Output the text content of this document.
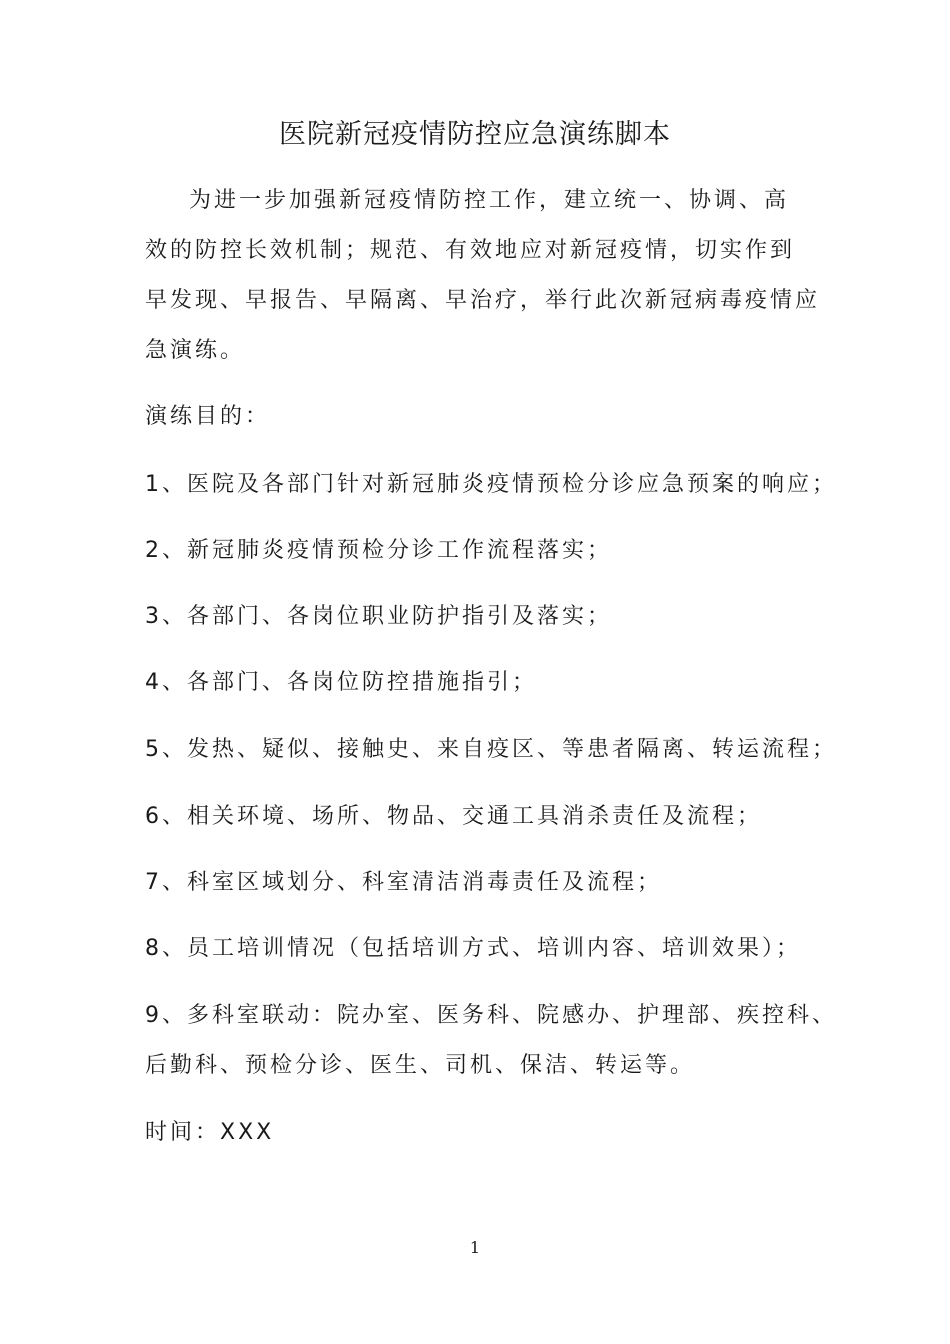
医院新冠疫情防控应急演练脚本
为进一步加强新冠疫情防控工作，建立统一、协调、高
效的防控长效机制；规范、有效地应对新冠疫情，切实作到
早发现、早报告、早隔离、早治疗，举行此次新冠病毒疫情应
急演练。

演练目的：

1、医院及各部门针对新冠肺炎疫情预检分诊应急预案的响应；

2、新冠肺炎疫情预检分诊工作流程落实；

3、各部门、各岗位职业防护指引及落实；

4、各部门、各岗位防控措施指引；

5、发热、疑似、接触史、来自疫区、等患者隔离、转运流程；

6、相关环境、场所、物品、交通工具消杀责任及流程；

7、科室区域划分、科室清洁消毒责任及流程；

8、员工培训情况（包括培训方式、培训内容、培训效果）；

9、多科室联动：院办室、医务科、院感办、护理部、疾控科、
后勤科、预检分诊、医生、司机、保洁、转运等。

时间：XXX

1
